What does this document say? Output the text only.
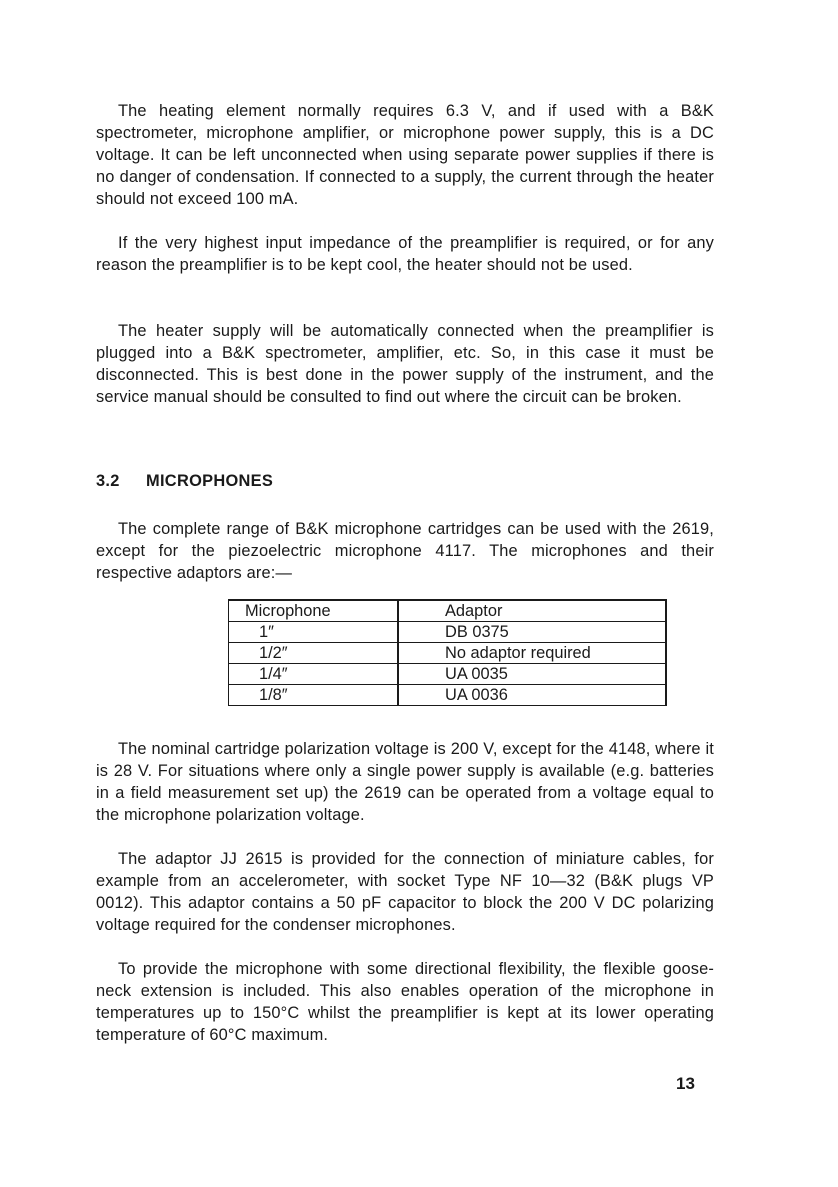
The heating element normally requires 6.3 V, and if used with a B&K spectrometer, microphone amplifier, or microphone power supply, this is a DC voltage. It can be left unconnected when using separate power supplies if there is no danger of condensation. If connected to a supply, the current through the heater should not exceed 100 mA.

If the very highest input impedance of the preamplifier is required, or for any reason the preamplifier is to be kept cool, the heater should not be used.

The heater supply will be automatically connected when the preamplifier is plugged into a B&K spectrometer, amplifier, etc. So, in this case it must be disconnected. This is best done in the power supply of the instrument, and the service manual should be consulted to find out where the circuit can be broken.

3.2 MICROPHONES

The complete range of B&K microphone cartridges can be used with the 2619, except for the piezoelectric microphone 4117. The microphones and their respective adaptors are:—

Microphone	Adaptor
1″	DB 0375
1/2″	No adaptor required
1/4″	UA 0035
1/8″	UA 0036

The nominal cartridge polarization voltage is 200 V, except for the 4148, where it is 28 V. For situations where only a single power supply is available (e.g. batteries in a field measurement set up) the 2619 can be operated from a voltage equal to the microphone polarization voltage.

The adaptor JJ 2615 is provided for the connection of miniature cables, for example from an accelerometer, with socket Type NF 10—32 (B&K plugs VP 0012). This adaptor contains a 50 pF capacitor to block the 200 V DC polarizing voltage required for the condenser microphones.

To provide the microphone with some directional flexibility, the flexible goose-neck extension is included. This also enables operation of the microphone in temperatures up to 150°C whilst the preamplifier is kept at its lower operating temperature of 60°C maximum.

13
